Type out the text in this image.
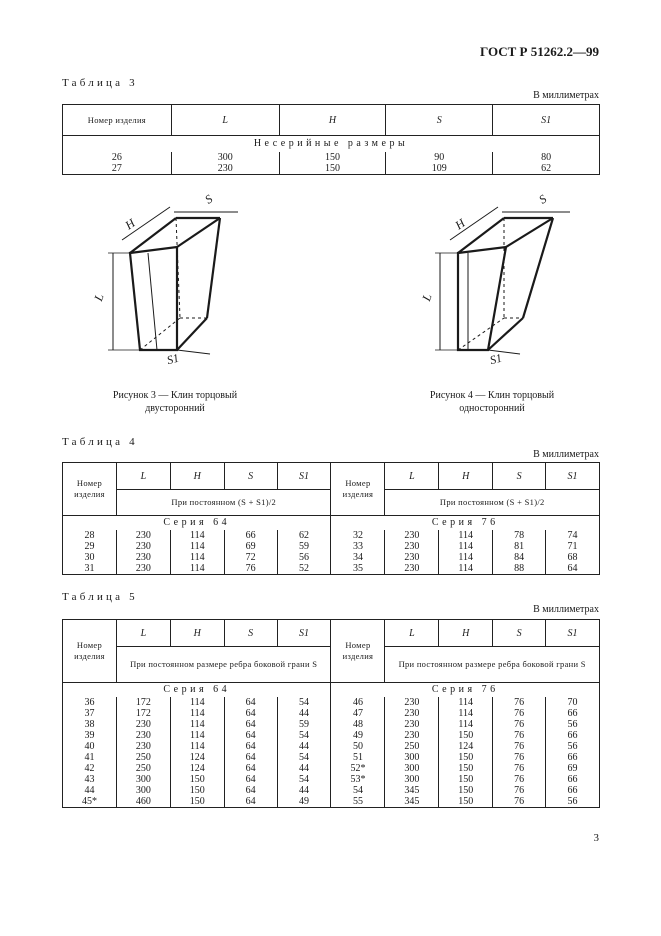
ГОСТ Р 51262.2—99
Таблица 3
В миллиметрах
Номер изделия	L	H	S	S1
Несерийные размеры				
26	300	150	90	80
27	230	150	109	62
H
S
L
S1
Рисунок 3 — Клин торцовый
двусторонний
H
S
L
S1
Рисунок 4 — Клин торцовый
односторонний
Таблица 4
В миллиметрах
Номер изделия	L	H	S	S1	Номер изделия	L	H	S	S1
	При постоянном (S + S1)/2					При постоянном (S + S1)/2			
Серия 64					Серия 76				
28	230	114	66	62	32	230	114	78	74
29	230	114	69	59	33	230	114	81	71
30	230	114	72	56	34	230	114	84	68
31	230	114	76	52	35	230	114	88	64
Таблица 5
В миллиметрах
Номер изделия	L	H	S	S1	Номер изделия	L	H	S	S1
	При постоянном размере ребра боковой грани S					При постоянном размере ребра боковой грани S			
Серия 64					Серия 76				
36	172	114	64	54	46	230	114	76	70
37	172	114	64	44	47	230	114	76	66
38	230	114	64	59	48	230	114	76	56
39	230	114	64	54	49	230	150	76	66
40	230	114	64	44	50	250	124	76	56
41	250	124	64	54	51	300	150	76	66
42	250	124	64	44	52*	300	150	76	69
43	300	150	64	54	53*	300	150	76	66
44	300	150	64	44	54	345	150	76	66
45*	460	150	64	49	55	345	150	76	56
3
